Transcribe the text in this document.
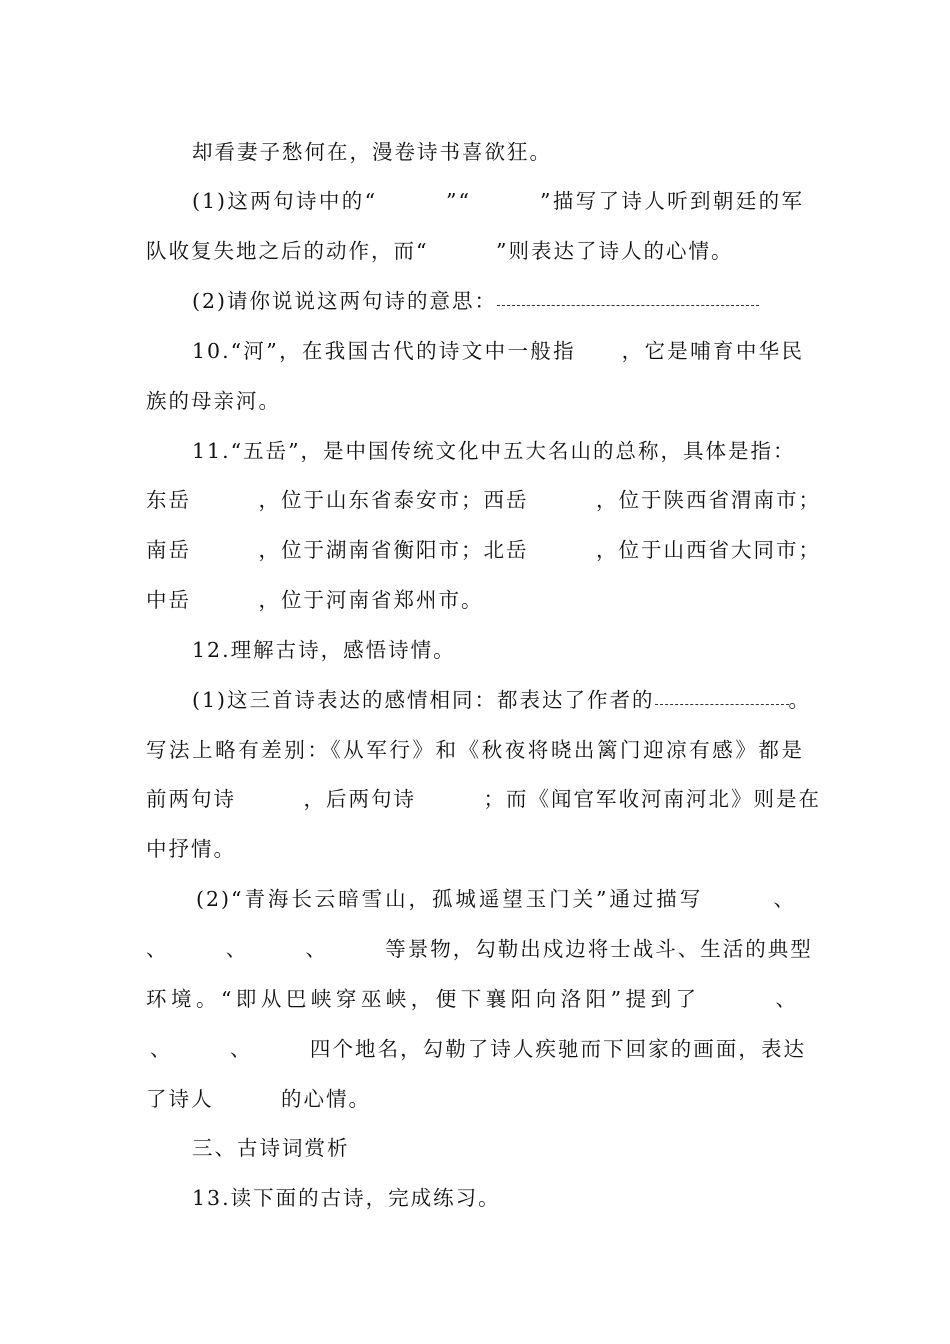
却看妻子愁何在，漫卷诗书喜欲狂。
(1)这两句诗中的“　　　”“　　　”描写了诗人听到朝廷的军
队收复失地之后的动作，而“　　　”则表达了诗人的心情。
(2)请你说说这两句诗的意思：
10.“河”，在我国古代的诗文中一般指　　，它是哺育中华民
族的母亲河。
11.“五岳”，是中国传统文化中五大名山的总称，具体是指：
东岳　　　，位于山东省泰安市；西岳　　　，位于陕西省渭南市；
南岳　　　，位于湖南省衡阳市；北岳　　　，位于山西省大同市；
中岳　　　，位于河南省郑州市。
12.理解古诗，感悟诗情。
(1)这三首诗表达的感情相同：都表达了作者的	。
写法上略有差别：《从军行》和《秋夜将晓出篱门迎凉有感》都是
前两句诗　　　，后两句诗　　　；而《闻官军收河南河北》则是在
中抒情。
(2)“青海长云暗雪山，孤城遥望玉门关”通过描写　　　、
、　　　、　　　、　　　等景物，勾勒出戍边将士战斗、生活的典型
环境。“即从巴峡穿巫峡，便下襄阳向洛阳”提到了　　　、
、　　　、　　　四个地名，勾勒了诗人疾驰而下回家的画面，表达
了诗人　　　的心情。
三、古诗词赏析
13.读下面的古诗，完成练习。
